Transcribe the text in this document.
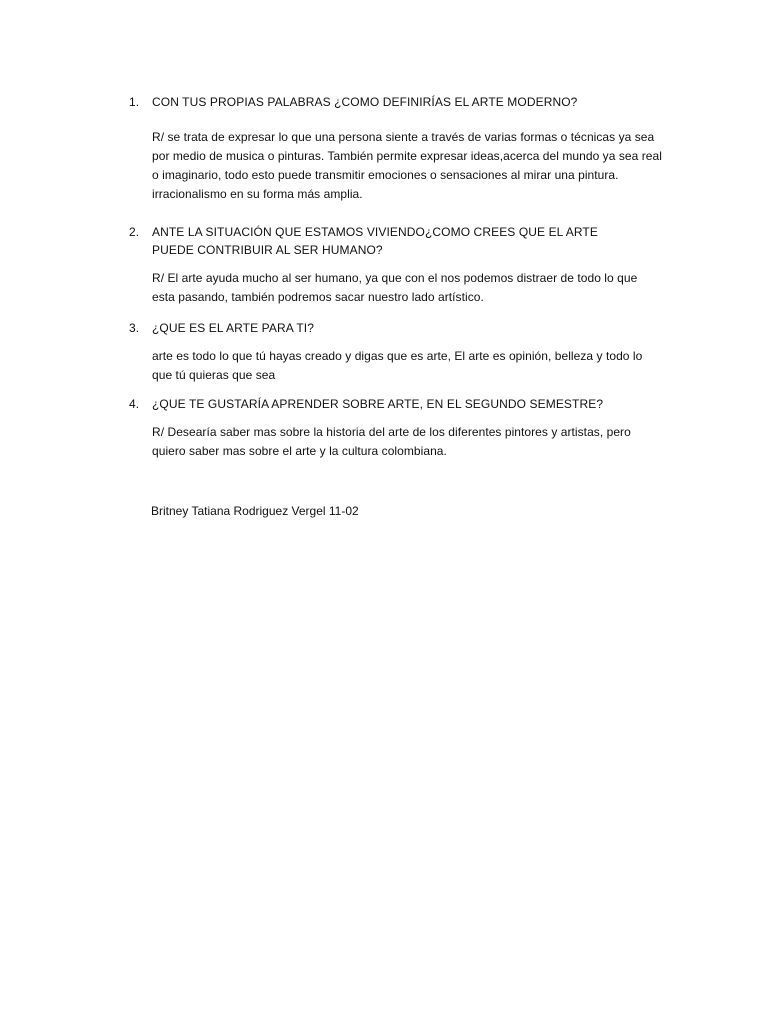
1. CON TUS PROPIAS PALABRAS ¿COMO DEFINIRÍAS EL ARTE MODERNO?
R/ se trata de expresar lo que una persona siente a través de varias formas o técnicas ya sea por medio de musica o pinturas. También permite expresar ideas,acerca del mundo ya sea real o imaginario, todo esto puede transmitir emociones o sensaciones al mirar una pintura. irracionalismo en su forma más amplia.
2. ANTE LA SITUACIÓN QUE ESTAMOS VIVIENDO¿COMO CREES QUE EL ARTE PUEDE CONTRIBUIR AL SER HUMANO?
R/ El arte ayuda mucho al ser humano, ya que con el nos podemos distraer de todo lo que esta pasando, también podremos sacar nuestro lado artístico.
3. ¿QUE ES EL ARTE PARA TI?
arte es todo lo que tú hayas creado y digas que es arte, El arte es opinión, belleza y todo lo que tú quieras que sea
4. ¿QUE TE GUSTARÍA APRENDER SOBRE ARTE, EN EL SEGUNDO SEMESTRE?
R/ Desearía saber mas sobre la historia del arte de los diferentes pintores y artistas, pero quiero saber mas sobre el arte y la cultura colombiana.
Britney Tatiana Rodriguez Vergel 11-02
